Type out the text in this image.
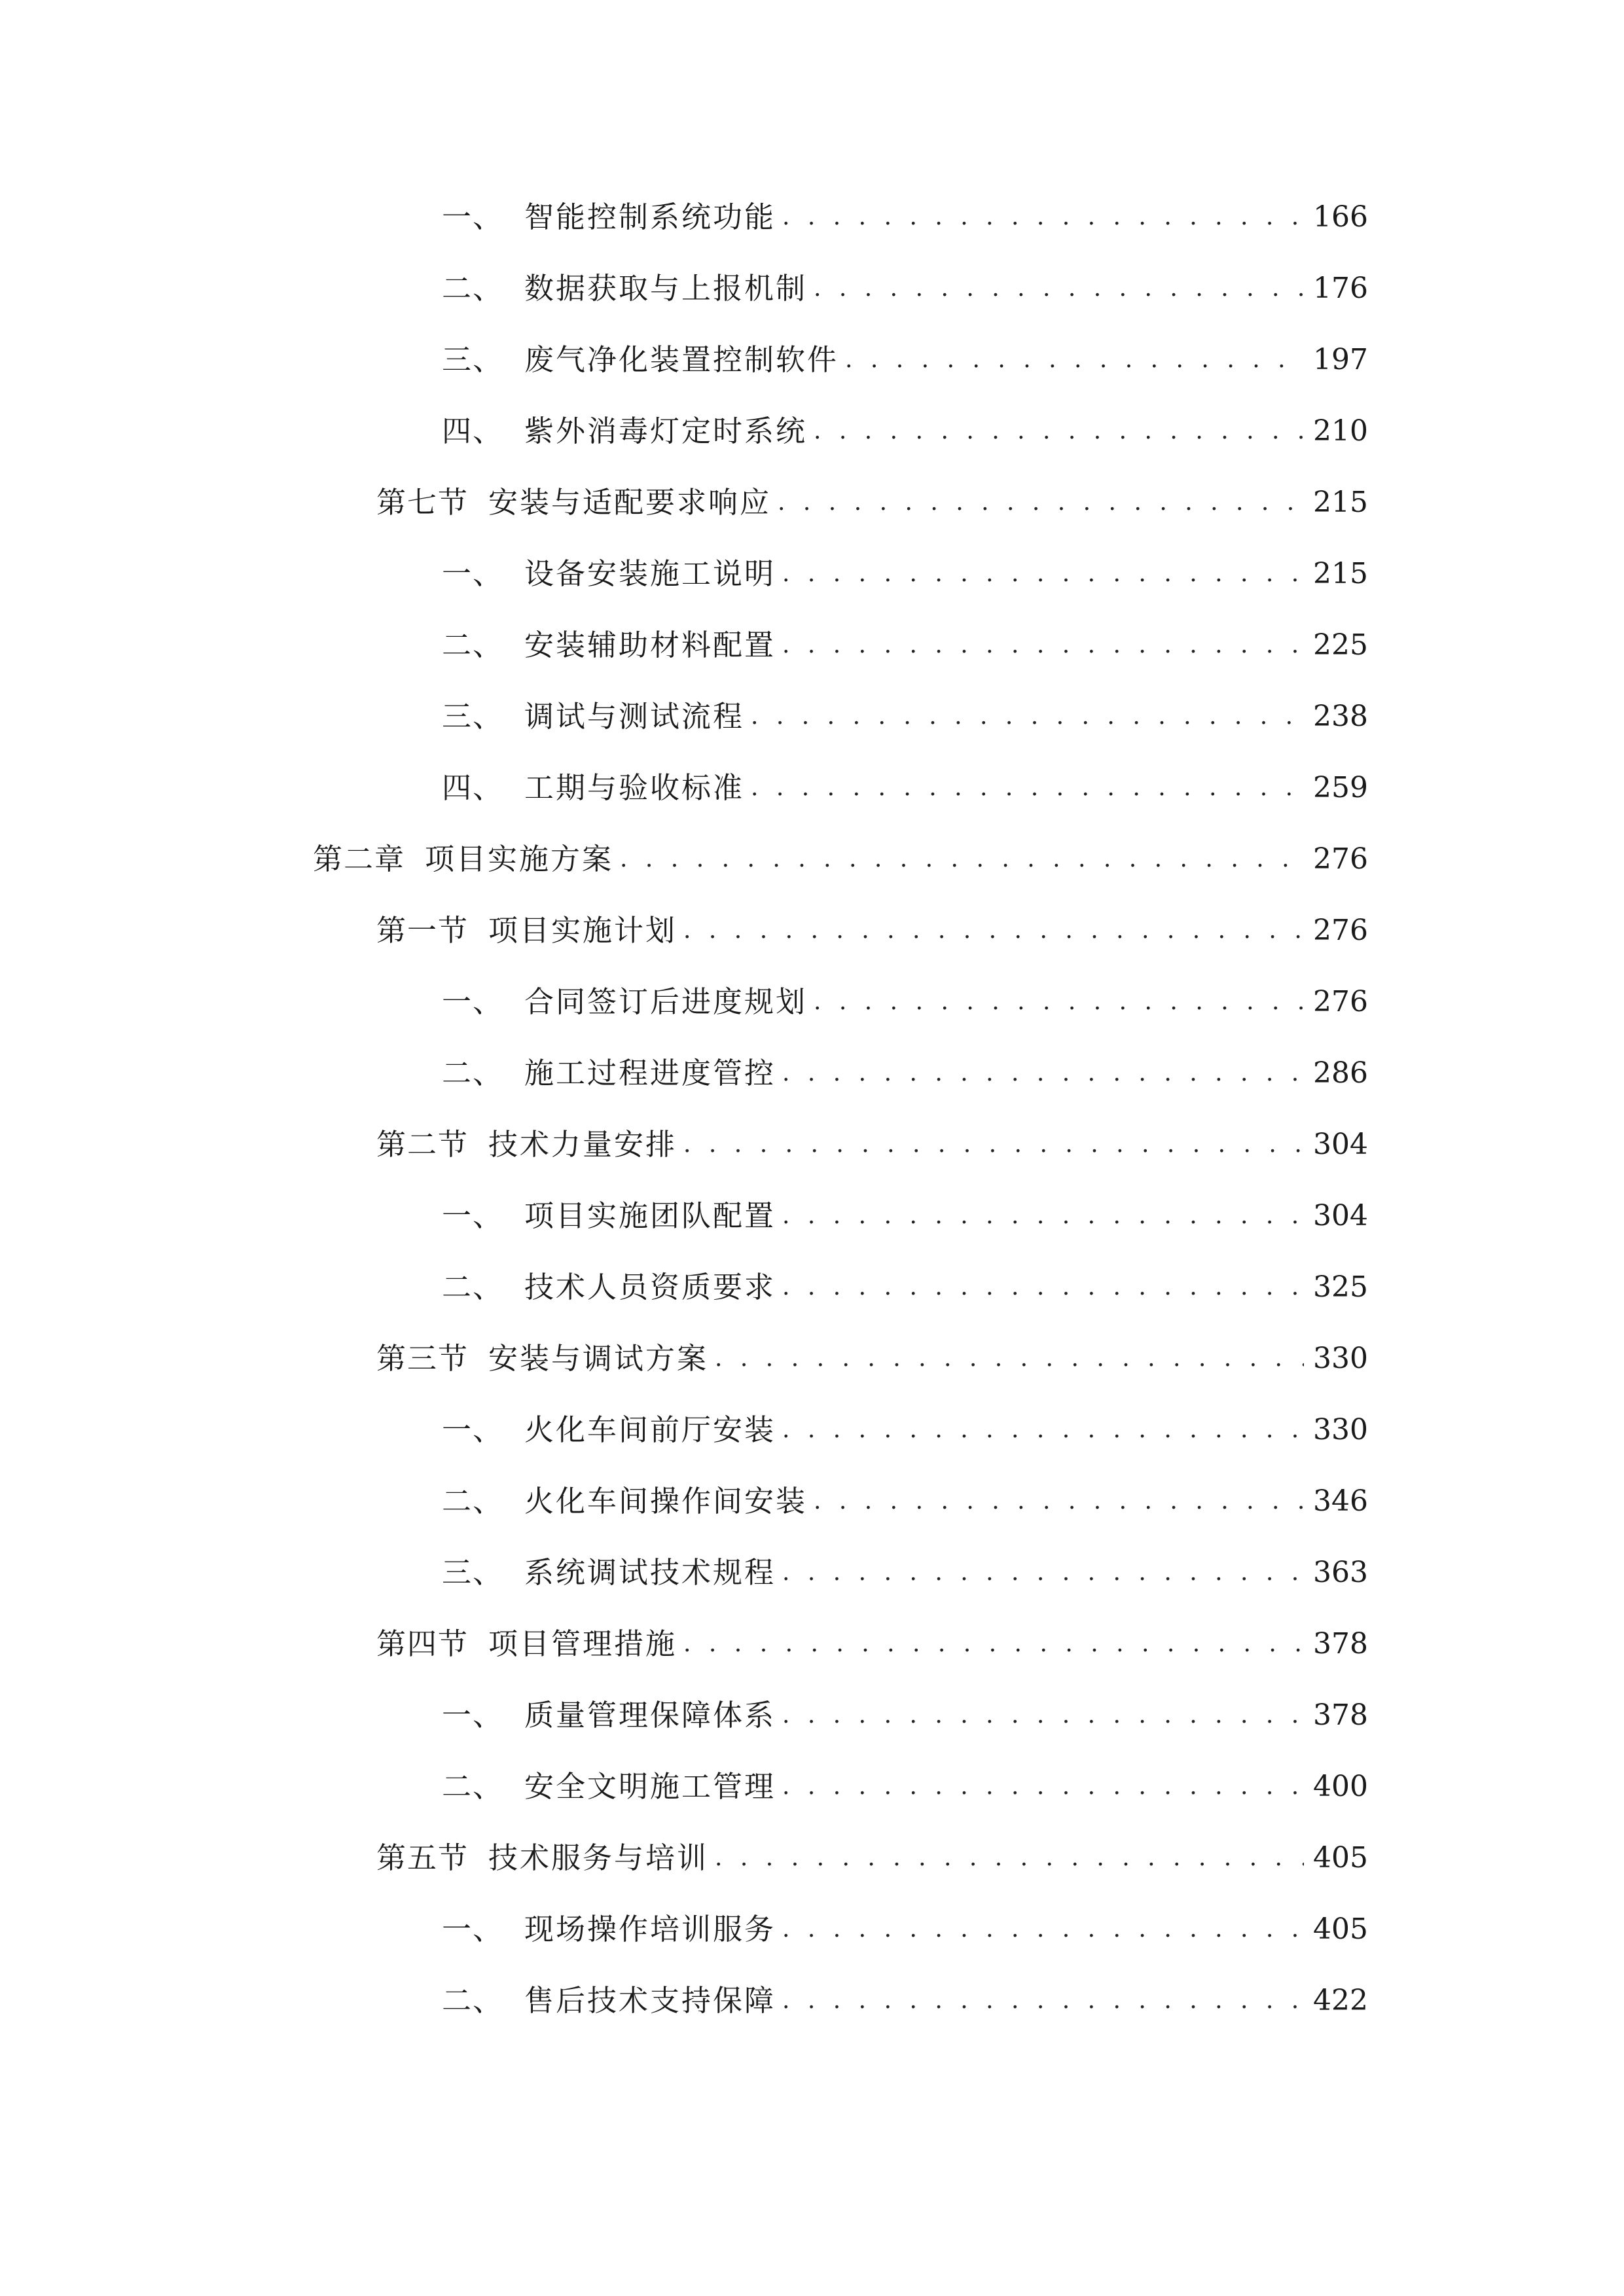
一、 智能控制系统功能 . . .	166
二、 数据获取与上报机制 . . .	176
三、 废气净化装置控制软件 . . .	197
四、 紫外消毒灯定时系统 . . .	210
第七节 安装与适配要求响应 . . .	215
一、 设备安装施工说明 . . .	215
二、 安装辅助材料配置 . . .	225
三、 调试与测试流程 . . .	238
四、 工期与验收标准 . . .	259
第二章 项目实施方案 . . .	276
第一节 项目实施计划 . . .	276
一、 合同签订后进度规划 . . .	276
二、 施工过程进度管控 . . .	286
第二节 技术力量安排 . . .	304
一、 项目实施团队配置 . . .	304
二、 技术人员资质要求 . . .	325
第三节 安装与调试方案 . . .	330
一、 火化车间前厅安装 . . .	330
二、 火化车间操作间安装 . . .	346
三、 系统调试技术规程 . . .	363
第四节 项目管理措施 . . .	378
一、 质量管理保障体系 . . .	378
二、 安全文明施工管理 . . .	400
第五节 技术服务与培训 . . .	405
一、 现场操作培训服务 . . .	405
二、 售后技术支持保障 . . .	422
